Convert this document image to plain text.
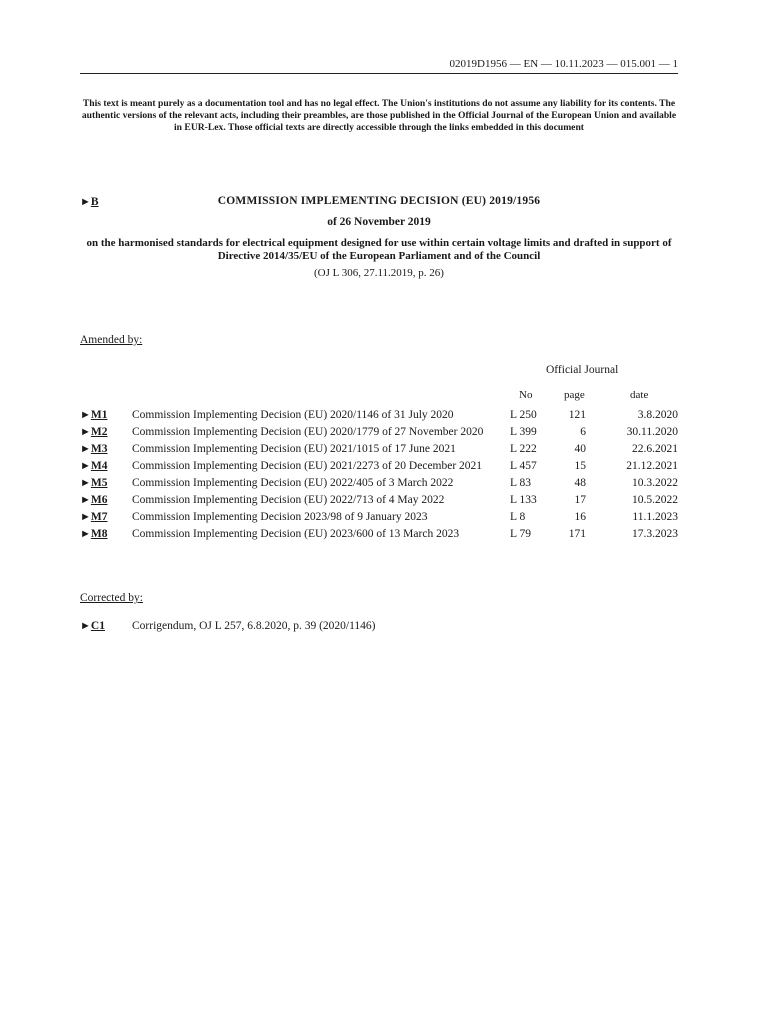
02019D1956 — EN — 10.11.2023 — 015.001 — 1
This text is meant purely as a documentation tool and has no legal effect. The Union's institutions do not assume any liability for its contents. The authentic versions of the relevant acts, including their preambles, are those published in the Official Journal of the European Union and available in EUR-Lex. Those official texts are directly accessible through the links embedded in this document
►B	COMMISSION IMPLEMENTING DECISION (EU) 2019/1956
of 26 November 2019
on the harmonised standards for electrical equipment designed for use within certain voltage limits and drafted in support of Directive 2014/35/EU of the European Parliament and of the Council
(OJ L 306, 27.11.2019, p. 26)
Amended by:
Official Journal
No	page	date
►M1	Commission Implementing Decision (EU) 2020/1146 of 31 July 2020	L 250	121	3.8.2020
►M2	Commission Implementing Decision (EU) 2020/1779 of 27 November 2020	L 399	6	30.11.2020
►M3	Commission Implementing Decision (EU) 2021/1015 of 17 June 2021	L 222	40	22.6.2021
►M4	Commission Implementing Decision (EU) 2021/2273 of 20 December 2021	L 457	15	21.12.2021
►M5	Commission Implementing Decision (EU) 2022/405 of 3 March 2022	L 83	48	10.3.2022
►M6	Commission Implementing Decision (EU) 2022/713 of 4 May 2022	L 133	17	10.5.2022
►M7	Commission Implementing Decision 2023/98 of 9 January 2023	L 8	16	11.1.2023
►M8	Commission Implementing Decision (EU) 2023/600 of 13 March 2023	L 79	171	17.3.2023
Corrected by:
►C1 Corrigendum, OJ L 257, 6.8.2020, p. 39 (2020/1146)
